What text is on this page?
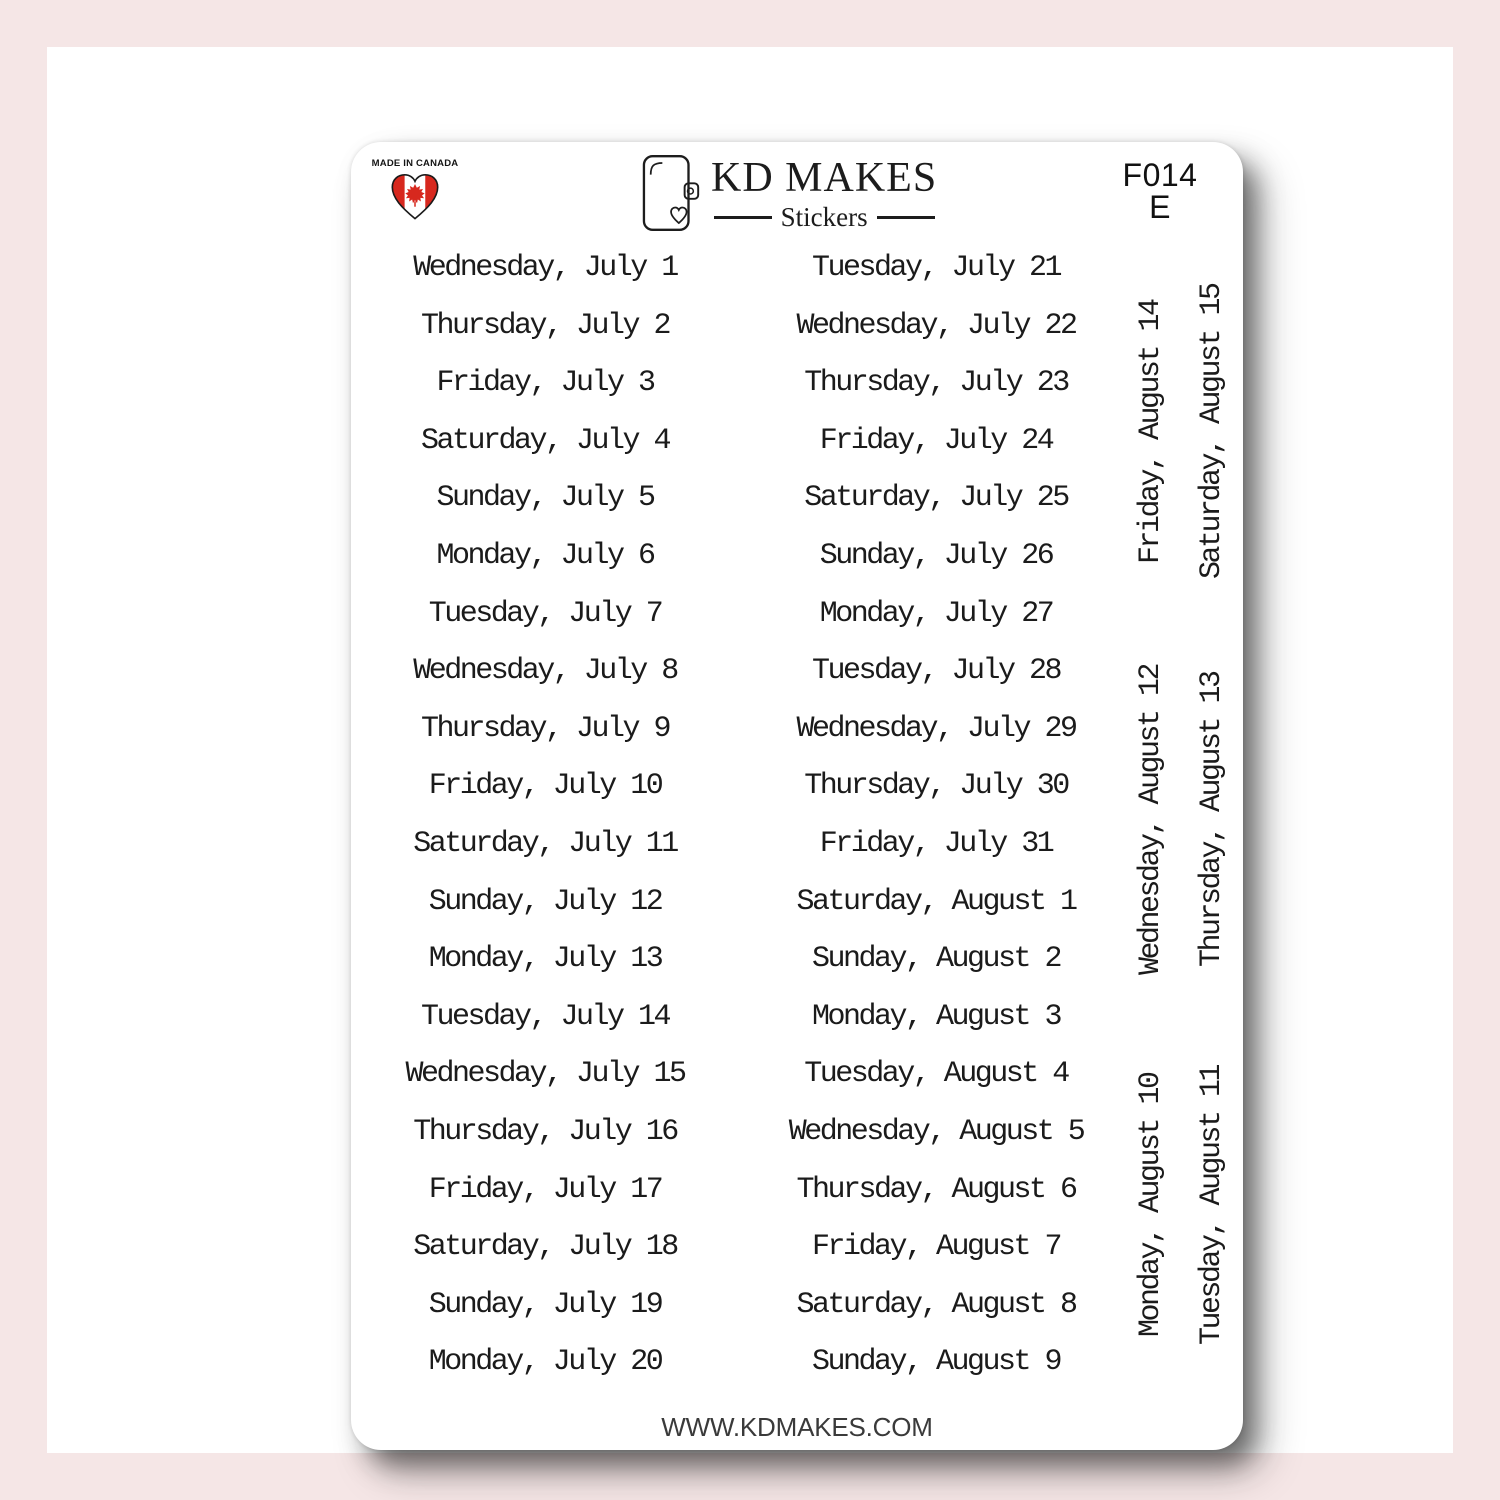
MADE IN CANADA	KD MAKES
Stickers
F014
E
Wednesday, July 1
Thursday, July 2
Friday, July 3
Saturday, July 4
Sunday, July 5
Monday, July 6
Tuesday, July 7
Wednesday, July 8
Thursday, July 9
Friday, July 10
Saturday, July 11
Sunday, July 12
Monday, July 13
Tuesday, July 14
Wednesday, July 15
Thursday, July 16
Friday, July 17
Saturday, July 18
Sunday, July 19
Monday, July 20
Tuesday, July 21
Wednesday, July 22
Thursday, July 23
Friday, July 24
Saturday, July 25
Sunday, July 26
Monday, July 27
Tuesday, July 28
Wednesday, July 29
Thursday, July 30
Friday, July 31
Saturday, August 1
Sunday, August 2
Monday, August 3
Tuesday, August 4
Wednesday, August 5
Thursday, August 6
Friday, August 7
Saturday, August 8
Sunday, August 9
Friday, August 14 Saturday, August 15
Wednesday, August 12 Thursday, August 13
Monday, August 10 Tuesday, August 11
WWW.KDMAKES.COM
